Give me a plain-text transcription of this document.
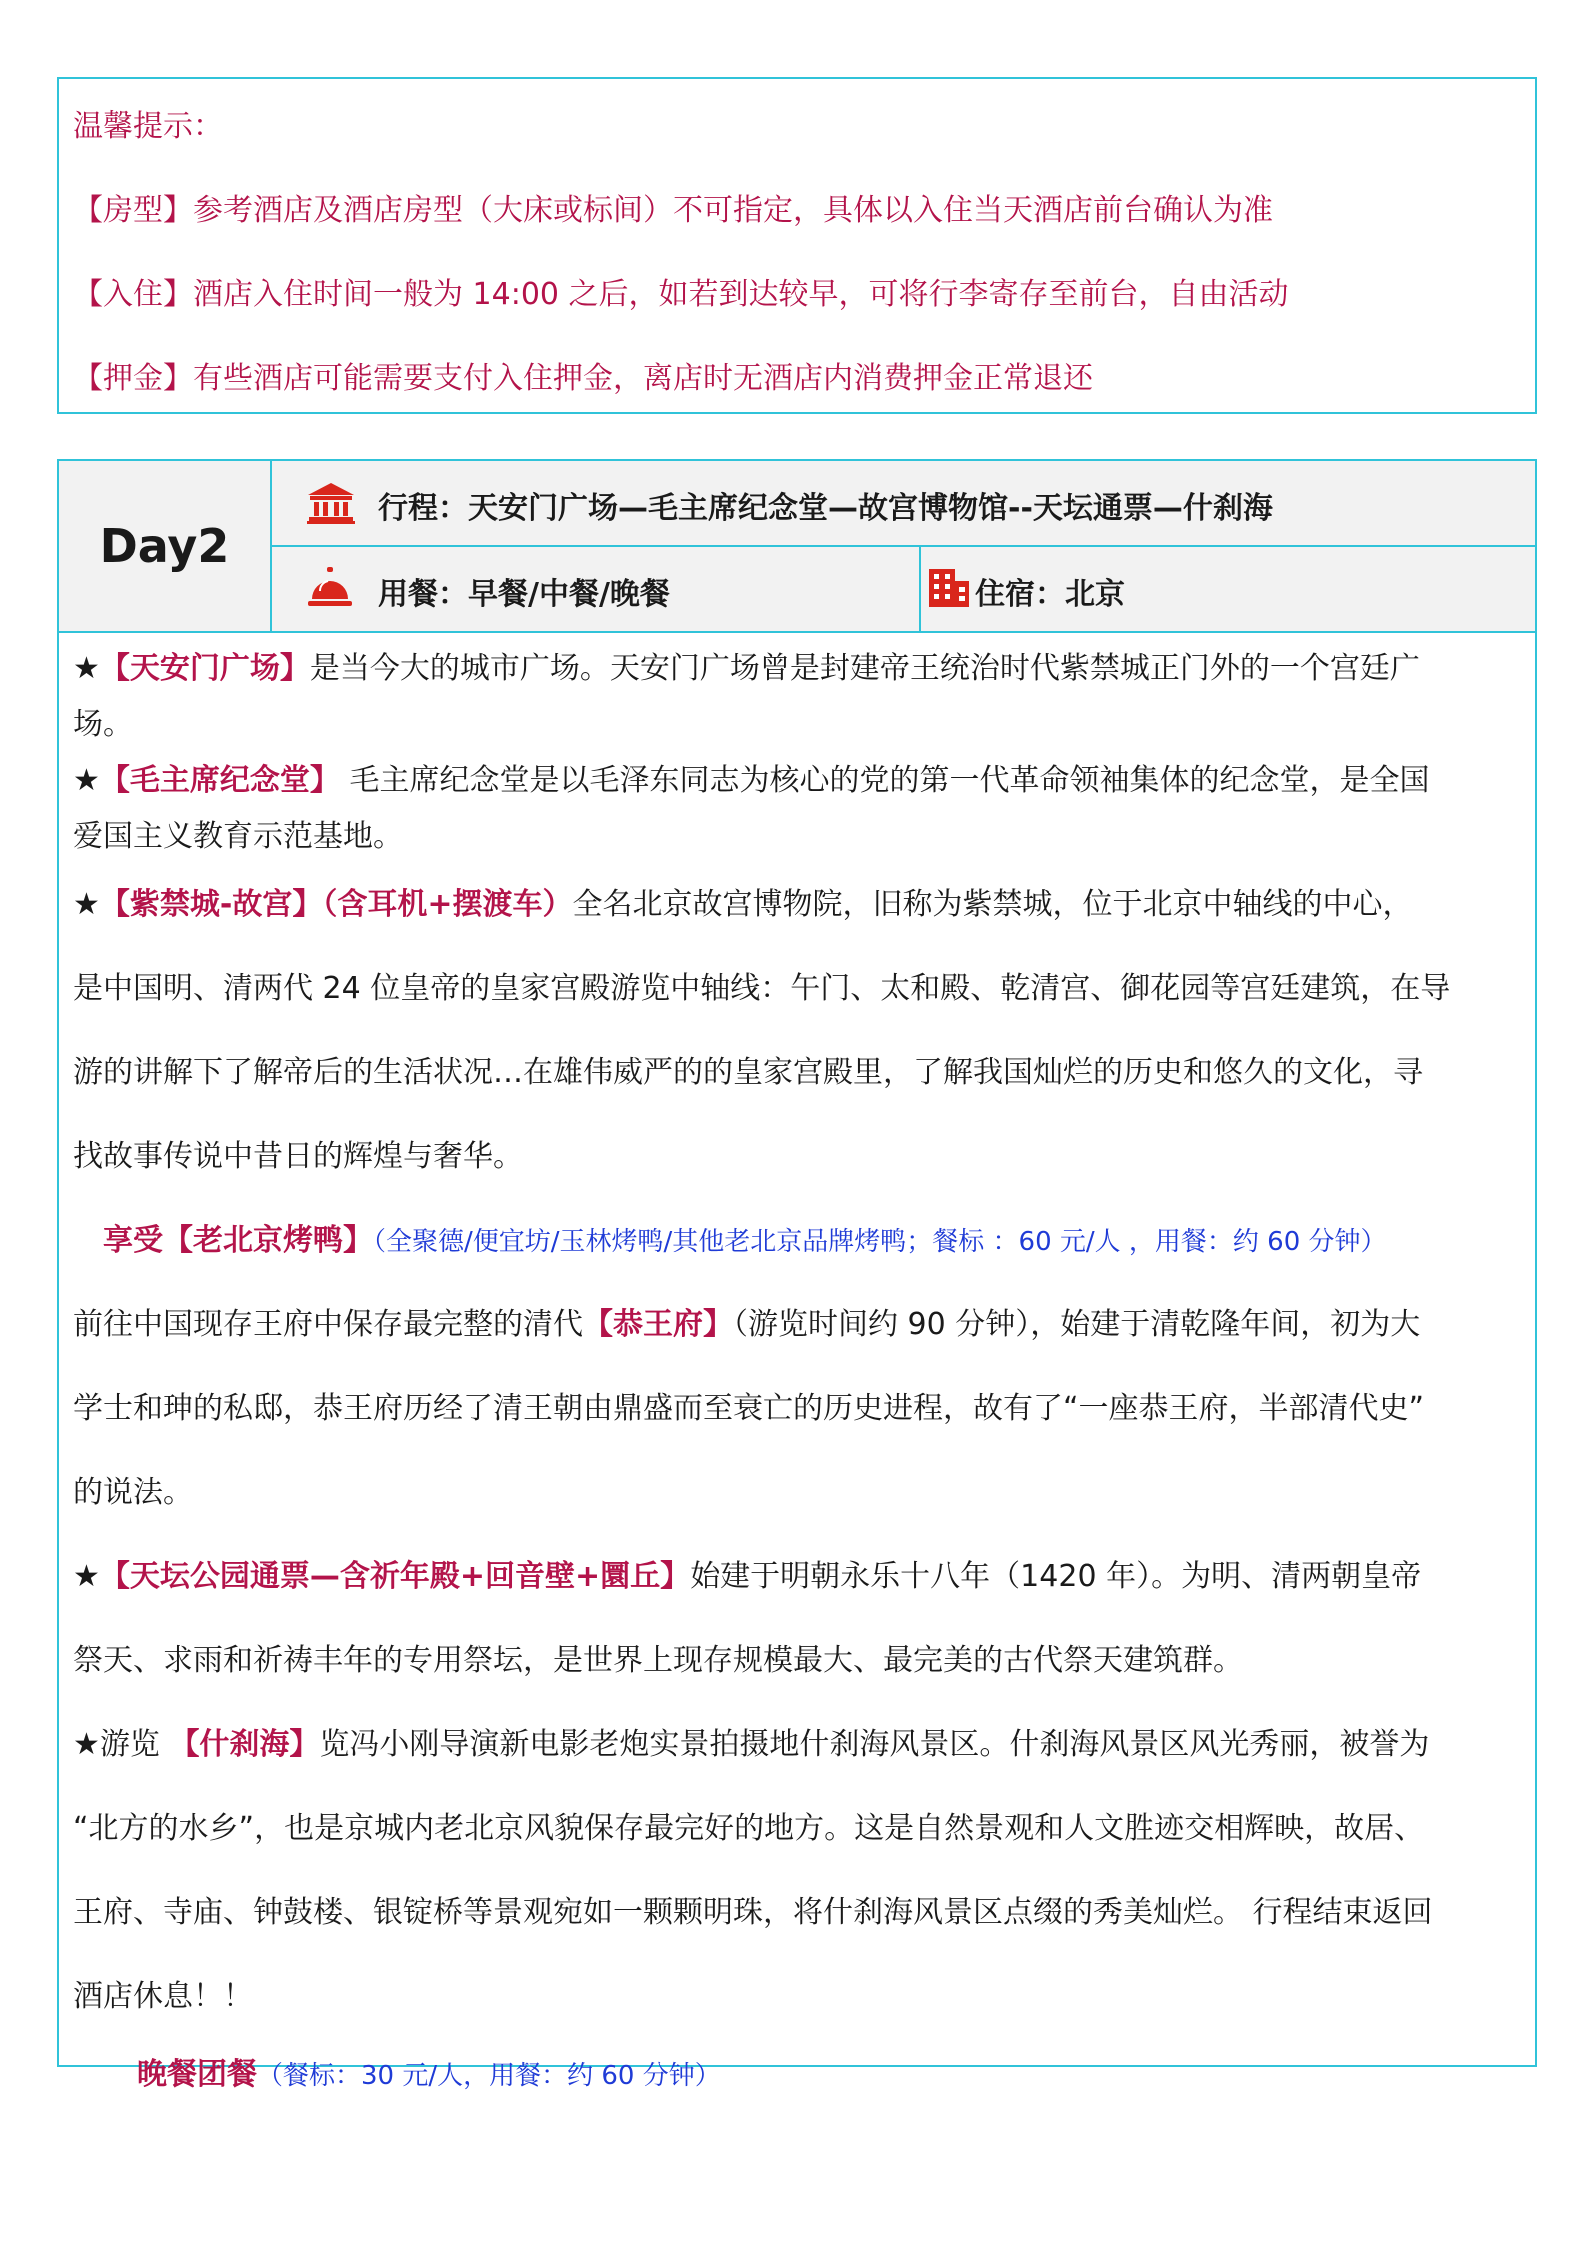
温馨提示：
【房型】参考酒店及酒店房型（大床或标间）不可指定，具体以入住当天酒店前台确认为准
【入住】酒店入住时间一般为 14:00 之后，如若到达较早，可将行李寄存至前台，自由活动
【押金】有些酒店可能需要支付入住押金，离店时无酒店内消费押金正常退还
Day2
行程：天安门广场—毛主席纪念堂—故宫博物馆--天坛通票—什刹海
用餐：早餐/中餐/晚餐	住宿：北京
★【天安门广场】是当今大的城市广场。天安门广场曾是封建帝王统治时代紫禁城正门外的一个宫廷广
场。
★【毛主席纪念堂】 毛主席纪念堂是以毛泽东同志为核心的党的第一代革命领袖集体的纪念堂，是全国
爱国主义教育示范基地。
★【紫禁城-故宫】（含耳机+摆渡车）全名北京故宫博物院，旧称为紫禁城，位于北京中轴线的中心，
是中国明、清两代 24 位皇帝的皇家宫殿游览中轴线：午门、太和殿、乾清宫、御花园等宫廷建筑，在导
游的讲解下了解帝后的生活状况…在雄伟威严的的皇家宫殿里，了解我国灿烂的历史和悠久的文化，寻
找故事传说中昔日的辉煌与奢华。
享受【老北京烤鸭】（全聚德/便宜坊/玉林烤鸭/其他老北京品牌烤鸭；餐标 ：60 元/人 ，用餐：约 60 分钟）
前往中国现存王府中保存最完整的清代【恭王府】（游览时间约 90 分钟），始建于清乾隆年间，初为大
学士和珅的私邸，恭王府历经了清王朝由鼎盛而至衰亡的历史进程，故有了“一座恭王府，半部清代史”
的说法。
★【天坛公园通票—含祈年殿+回音壁+圜丘】始建于明朝永乐十八年（1420 年）。为明、清两朝皇帝
祭天、求雨和祈祷丰年的专用祭坛，是世界上现存规模最大、最完美的古代祭天建筑群。
★游览 【什刹海】览冯小刚导演新电影老炮实景拍摄地什刹海风景区。什刹海风景区风光秀丽，被誉为
“北方的水乡”，也是京城内老北京风貌保存最完好的地方。这是自然景观和人文胜迹交相辉映，故居、
王府、寺庙、钟鼓楼、银锭桥等景观宛如一颗颗明珠，将什刹海风景区点缀的秀美灿烂。 行程结束返回
酒店休息！！
晚餐团餐（餐标：30 元/人，用餐：约 60 分钟）
